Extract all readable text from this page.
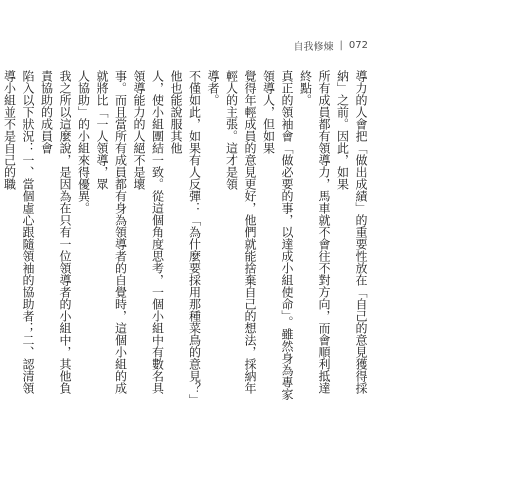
自我修煉 | 072

導力的人會把「做出成績」的重要性放在「自己的意見獲得採納」之前。因此，如果

所有成員都有領導力，馬車就不會往不對方向，而會順利抵達終點。

真正的領袖會「做必要的事，以達成小組使命」。雖然身為專家領導人，但如果

覺得年輕成員的意見更好，他們就能捨棄自己的想法，採納年輕人的主張。這才是領

導者。

不僅如此，如果有人反彈：「為什麼要採用那種菜鳥的意見？」他也能說服其他

人，使小組團結一致。從這個角度思考，一個小組中有數名具領導能力的人絕不是壞

事。而且當所有成員都有身為領導者的自覺時，這個小組的成就將比「一人領導，眾

人協助」的小組來得優異。

我之所以這麼說，是因為在只有一位領導者的小組中，其他負責協助的成員會

陷入以下狀況：一、當個虛心跟隨領袖的協助者；二、認清領導小組並不是自己的職
